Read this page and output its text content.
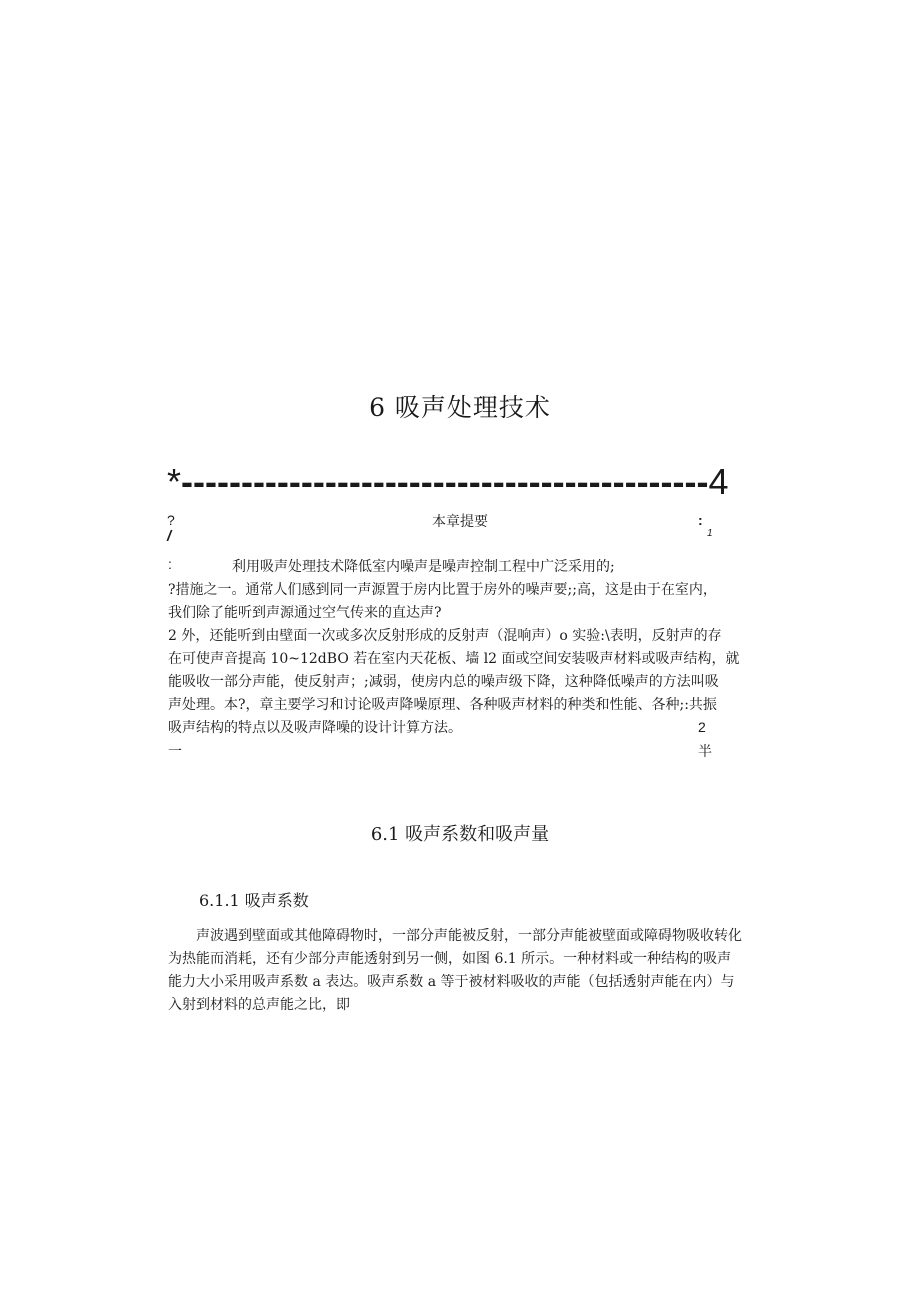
6 吸声处理技术
*--------------------------------------------4
?	本章提要	:
/	1
:	利用吸声处理技术降低室内噪声是噪声控制工程中广泛采用的;
?措施之一。通常人们感到同一声源置于房内比置于房外的噪声要;;高，这是由于在室内，
我们除了能听到声源通过空气传来的直达声?
2 外，还能听到由壁面一次或多次反射形成的反射声（混响声）o 实验:\表明，反射声的存
在可使声音提高 10~12dBO 若在室内天花板、墙 l2 面或空间安装吸声材料或吸声结构，就
能吸收一部分声能，使反射声；;减弱，使房内总的噪声级下降，这种降低噪声的方法叫吸
声处理。本?，章主要学习和讨论吸声降噪原理、各种吸声材料的种类和性能、各种;:共振
吸声结构的特点以及吸声降噪的设计计算方法。	2
一	半
6.1 吸声系数和吸声量
6.1.1 吸声系数
声波遇到壁面或其他障碍物时，一部分声能被反射，一部分声能被壁面或障碍物吸收转化为热能而消耗，还有少部分声能透射到另一侧，如图 6.1 所示。一种材料或一种结构的吸声能力大小采用吸声系数 a 表达。吸声系数 a 等于被材料吸收的声能（包括透射声能在内）与入射到材料的总声能之比，即
